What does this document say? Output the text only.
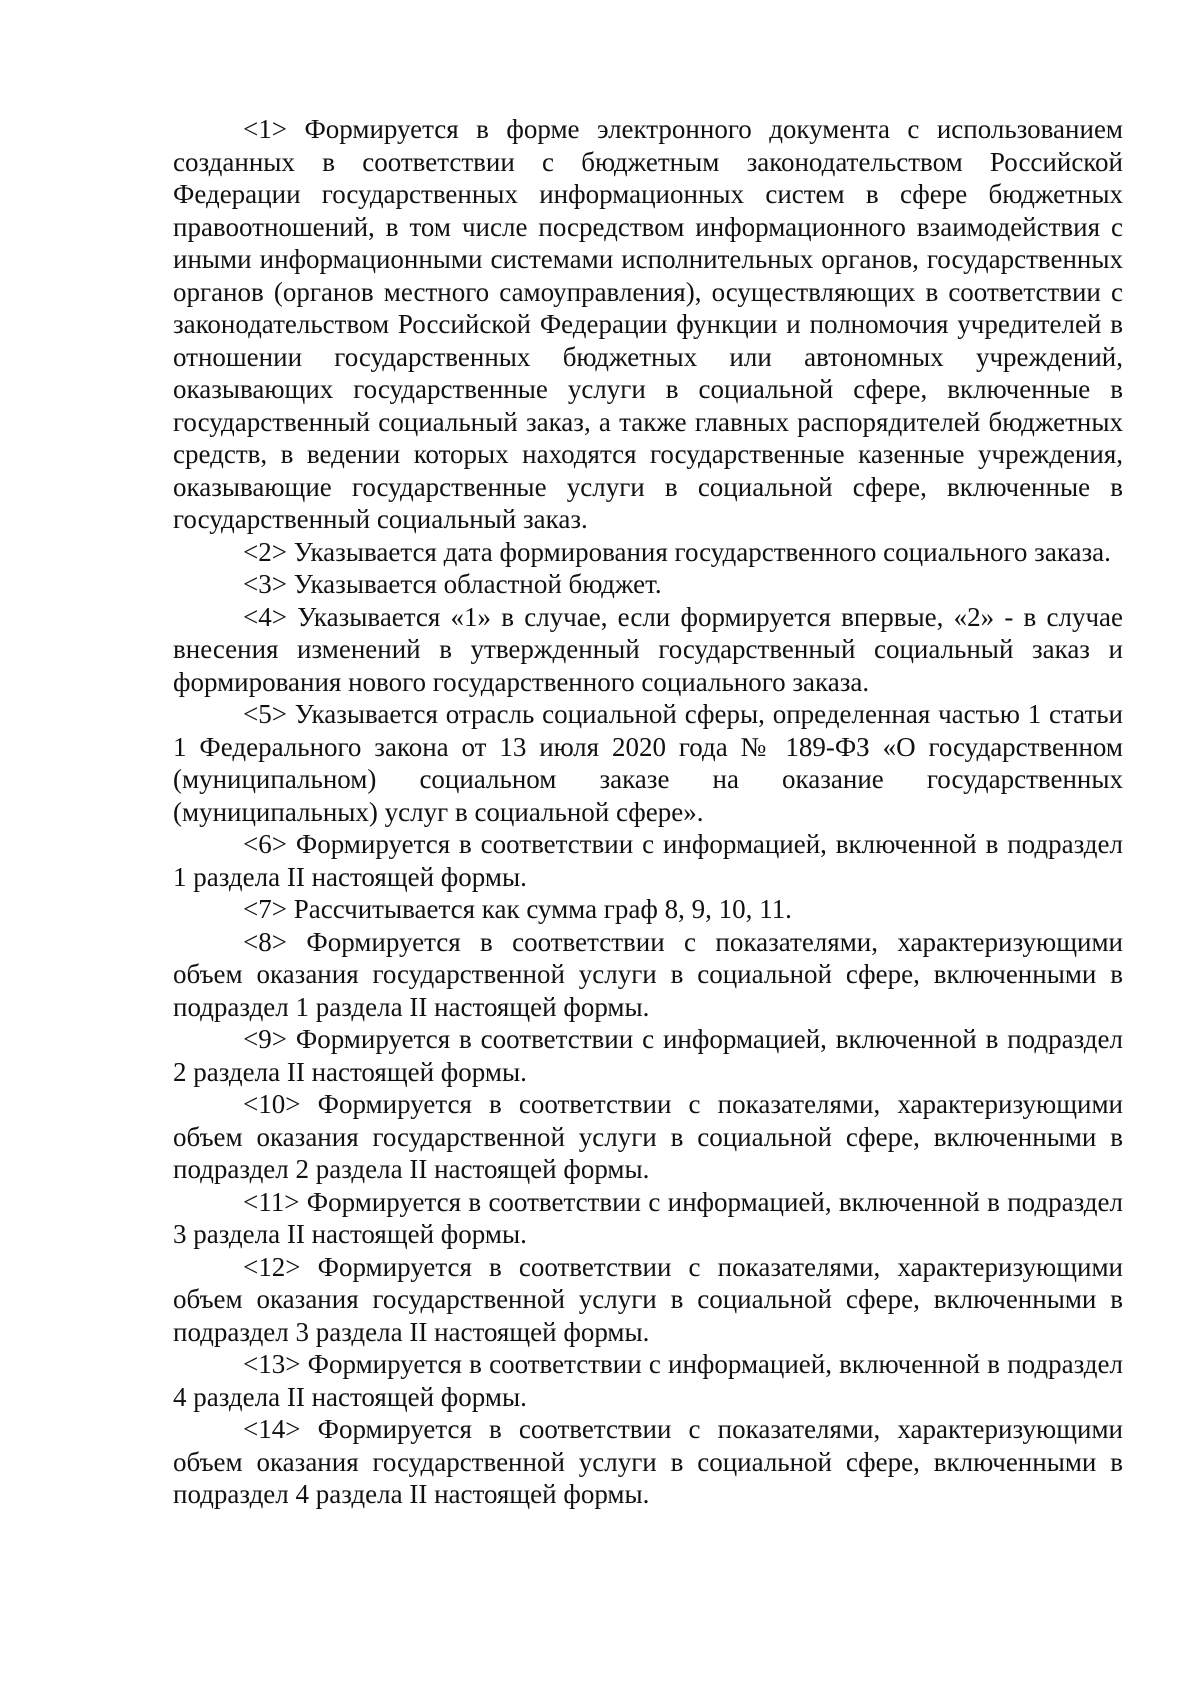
<1> Формируется в форме электронного документа с использованием созданных в соответствии с бюджетным законодательством Российской Федерации государственных информационных систем в сфере бюджетных правоотношений, в том числе посредством информационного взаимодействия с иными информационными системами исполнительных органов, государственных органов (органов местного самоуправления), осуществляющих в соответствии с законодательством Российской Федерации функции и полномочия учредителей в отношении государственных бюджетных или автономных учреждений, оказывающих государственные услуги в социальной сфере, включенные в государственный социальный заказ, а также главных распорядителей бюджетных средств, в ведении которых находятся государственные казенные учреждения, оказывающие государственные услуги в социальной сфере, включенные в государственный социальный заказ.

<2> Указывается дата формирования государственного социального заказа.

<3> Указывается областной бюджет.

<4> Указывается «1» в случае, если формируется впервые, «2» - в случае внесения изменений в утвержденный государственный социальный заказ и формирования нового государственного социального заказа.

<5> Указывается отрасль социальной сферы, определенная частью 1 статьи 1 Федерального закона от 13 июля 2020 года № 189-ФЗ «О государственном (муниципальном) социальном заказе на оказание государственных (муниципальных) услуг в социальной сфере».

<6> Формируется в соответствии с информацией, включенной в подраздел 1 раздела II настоящей формы.

<7> Рассчитывается как сумма граф 8, 9, 10, 11.

<8> Формируется в соответствии с показателями, характеризующими объем оказания государственной услуги в социальной сфере, включенными в подраздел 1 раздела II настоящей формы.

<9> Формируется в соответствии с информацией, включенной в подраздел 2 раздела II настоящей формы.

<10> Формируется в соответствии с показателями, характеризующими объем оказания государственной услуги в социальной сфере, включенными в подраздел 2 раздела II настоящей формы.

<11> Формируется в соответствии с информацией, включенной в подраздел 3 раздела II настоящей формы.

<12> Формируется в соответствии с показателями, характеризующими объем оказания государственной услуги в социальной сфере, включенными в подраздел 3 раздела II настоящей формы.

<13> Формируется в соответствии с информацией, включенной в подраздел 4 раздела II настоящей формы.

<14> Формируется в соответствии с показателями, характеризующими объем оказания государственной услуги в социальной сфере, включенными в подраздел 4 раздела II настоящей формы.
